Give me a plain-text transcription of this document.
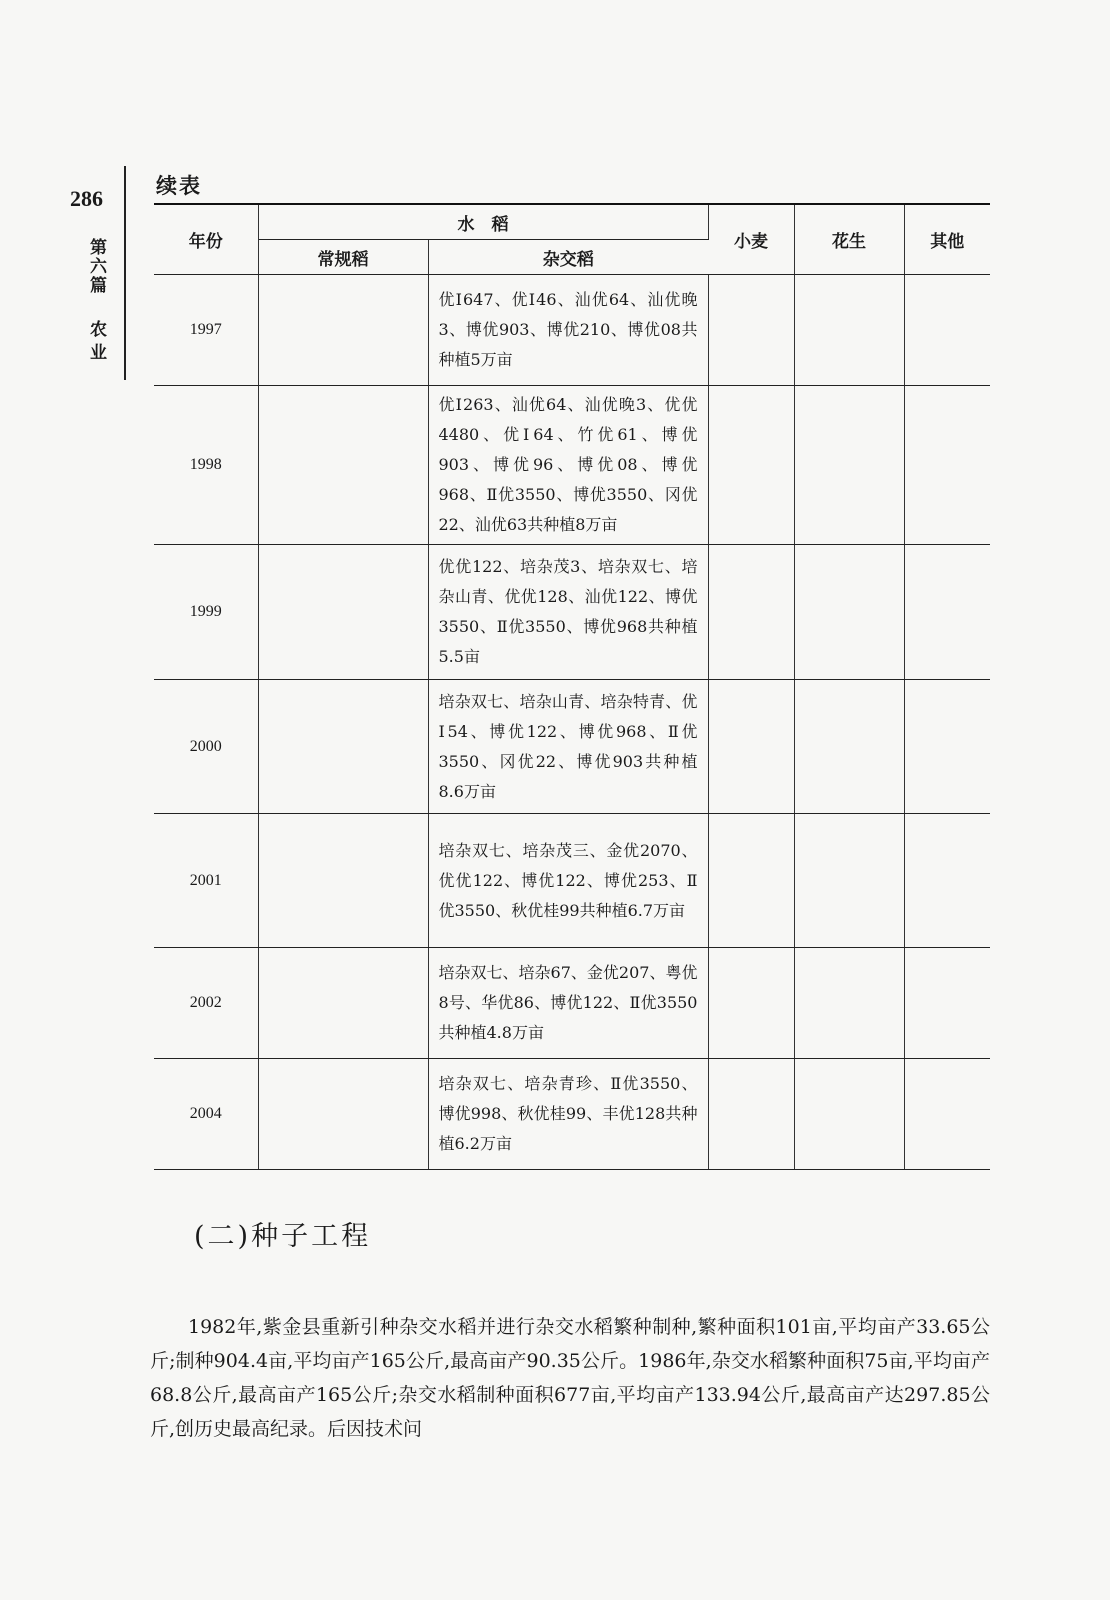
286
第六篇
农业
续表
年份	水　稻		小麦	花生	其他
	常规稻	杂交稻			
1997		优Ⅰ647、优Ⅰ46、汕优64、汕优晚3、博优903、博优210、博优08共种植5万亩			
1998		优Ⅰ263、汕优64、汕优晚3、优优4480、优Ⅰ64、竹优61、博优903、博优96、博优08、博优968、Ⅱ优3550、博优3550、冈优22、汕优63共种植8万亩			
1999		优优122、培杂茂3、培杂双七、培杂山青、优优128、汕优122、博优3550、Ⅱ优3550、博优968共种植5.5亩			
2000		培杂双七、培杂山青、培杂特青、优Ⅰ54、博优122、博优968、Ⅱ优3550、冈优22、博优903共种植8.6万亩			
2001		培杂双七、培杂茂三、金优2070、优优122、博优122、博优253、Ⅱ优3550、秋优桂99共种植6.7万亩			
2002		培杂双七、培杂67、金优207、粤优8号、华优86、博优122、Ⅱ优3550共种植4.8万亩			
2004		培杂双七、培杂青珍、Ⅱ优3550、博优998、秋优桂99、丰优128共种植6.2万亩			
(二)种子工程
1982年,紫金县重新引种杂交水稻并进行杂交水稻繁种制种,繁种面积101亩,平均亩产33.65公斤;制种904.4亩,平均亩产165公斤,最高亩产90.35公斤。1986年,杂交水稻繁种面积75亩,平均亩产68.8公斤,最高亩产165公斤;杂交水稻制种面积677亩,平均亩产133.94公斤,最高亩产达297.85公斤,创历史最高纪录。后因技术问
